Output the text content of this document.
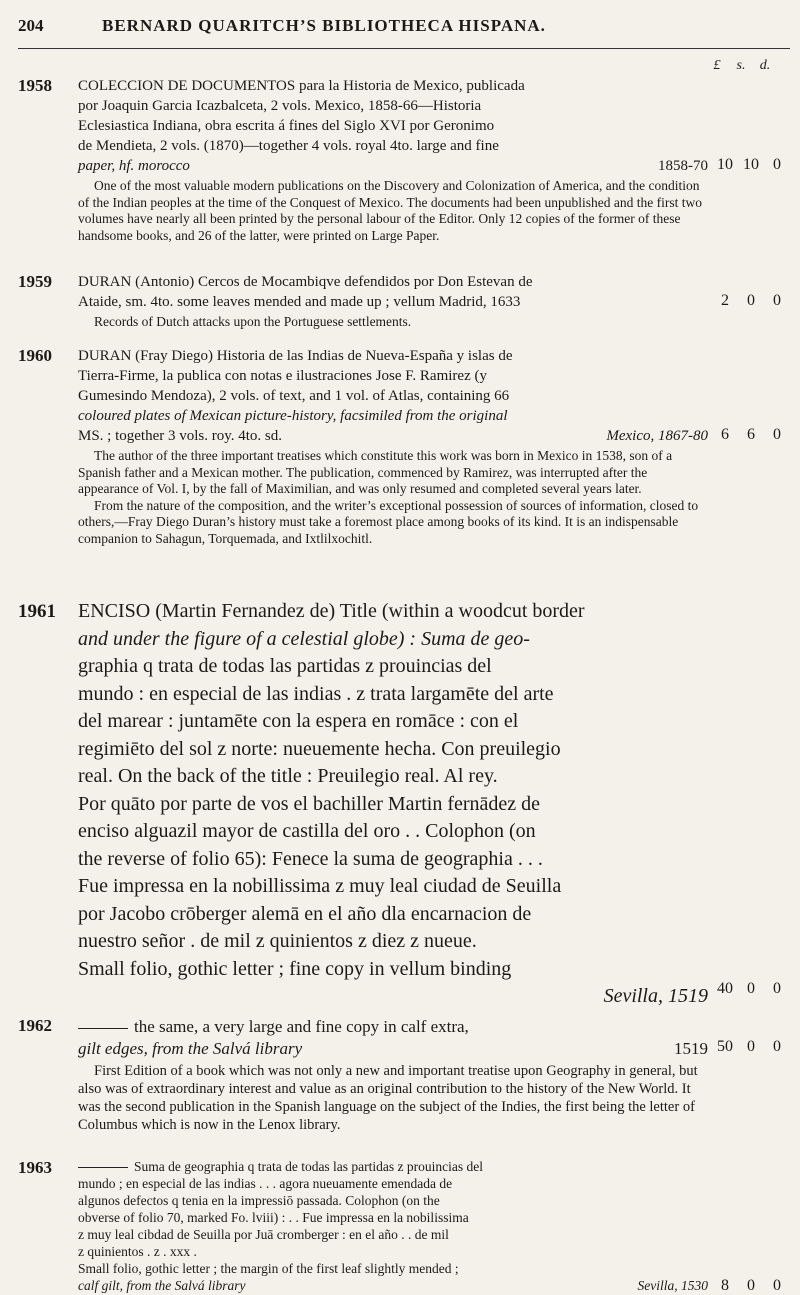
204	BERNARD QUARITCH’S BIBLIOTHECA HISPANA.
£ s. d.
1958 COLECCION DE DOCUMENTOS para la Historia de Mexico, publicada

por Joaquin Garcia Icazbalceta, 2 vols. Mexico, 1858-66—Historia

Eclesiastica Indiana, obra escrita á fines del Siglo XVI por Geronimo

de Mendieta, 2 vols. (1870)—together 4 vols. royal 4to. large and fine

paper, hf. morocco	1858-70

One of the most valuable modern publications on the Discovery and Colonization of America, and the condition of the Indian peoples at the time of the Conquest of Mexico. The documents had been unpublished and the first two volumes have nearly all been printed by the personal labour of the Editor. Only 12 copies of the former of these handsome books, and 26 of the latter, were printed on Large Paper.

10 10 0
1959 DURAN (Antonio) Cercos de Mocambiqve defendidos por Don Estevan de

Ataide, sm. 4to. some leaves mended and made up ; vellum Madrid, 1633

Records of Dutch attacks upon the Portuguese settlements.

2 0 0
1960 DURAN (Fray Diego) Historia de las Indias de Nueva-España y islas de

Tierra-Firme, la publica con notas e ilustraciones Jose F. Ramirez (y

Gumesindo Mendoza), 2 vols. of text, and 1 vol. of Atlas, containing 66

coloured plates of Mexican picture-history, facsimiled from the original

MS. ; together 3 vols. roy. 4to. sd.	Mexico, 1867-80

The author of the three important treatises which constitute this work was born in Mexico in 1538, son of a Spanish father and a Mexican mother. The publication, commenced by Ramirez, was interrupted after the appearance of Vol. I, by the fall of Maximilian, and was only resumed and completed several years later.

From the nature of the composition, and the writer’s exceptional possession of sources of information, closed to others,—Fray Diego Duran’s history must take a foremost place among books of its kind. It is an indispensable companion to Sahagun, Torquemada, and Ixtlilxochitl.

6 6 0
1961 ENCISO (Martin Fernandez de) Title (within a woodcut border

and under the figure of a celestial globe) : Suma de geo-

graphia q trata de todas las partidas z prouincias del

mundo : en especial de las indias . z trata largamēte del arte

del marear : juntamēte con la espera en romāce : con el

regimiēto del sol z norte: nueuemente hecha. Con preuilegio

real. On the back of the title : Preuilegio real. Al rey.

Por quāto por parte de vos el bachiller Martin fernādez de

enciso alguazil mayor de castilla del oro . . Colophon (on

the reverse of folio 65): Fenece la suma de geographia . . .

Fue impressa en la nobillissima z muy leal ciudad de Seuilla

por Jacobo crōberger alemā en el año dla encarnacion de

nuestro señor . de mil z quinientos z diez z nueue.

Small folio, gothic letter ; fine copy in vellum binding

Sevilla, 1519 40 0 0
1962	the same, a very large and fine copy in calf extra,

gilt edges, from the Salvá library	1519

First Edition of a book which was not only a new and important treatise upon Geography in general, but also was of extraordinary interest and value as an original contribution to the history of the New World. It was the second publication in the Spanish language on the subject of the Indies, the first being the letter of Columbus which is now in the Lenox library.

50 0 0
1963	Suma de geographia q trata de todas las partidas z prouincias del

mundo ; en especial de las indias . . . agora nueuamente emendada de

algunos defectos q tenia en la impressiō passada. Colophon (on the

obverse of folio 70, marked Fo. lviii) : . . Fue impressa en la nobilissima

z muy leal cibdad de Seuilla por Juā cromberger : en el año . . de mil

z quinientos . z . xxx .

Small folio, gothic letter ; the margin of the first leaf slightly mended ;

calf gilt, from the Salvá library	Sevilla, 1530 8 0 0
